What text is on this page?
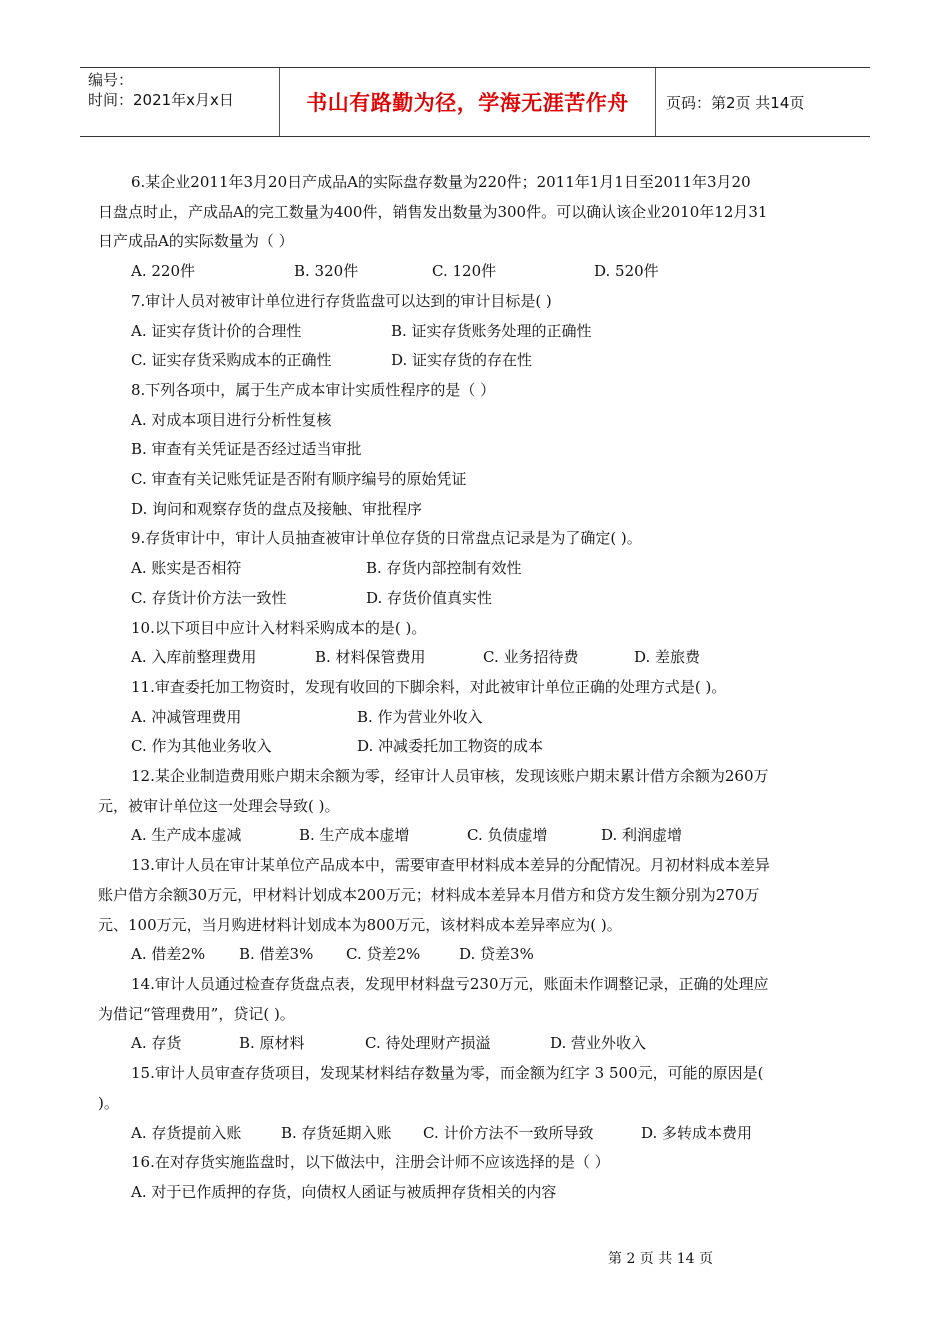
编号：
时间：2021年x月x日	书山有路勤为径，学海无涯苦作舟	页码：第2页 共14页

6.某企业2011年3月20日产成品A的实际盘存数量为220件；2011年1月1日至2011年3月20

日盘点时止，产成品A的完工数量为400件，销售发出数量为300件。可以确认该企业2010年12月31

日产成品A的实际数量为（ ）

A. 220件	B. 320件	C. 120件	D. 520件

7.审计人员对被审计单位进行存货监盘可以达到的审计目标是( )

A. 证实存货计价的合理性	B. 证实存货账务处理的正确性
C. 证实存货采购成本的正确性	D. 证实存货的存在性

8.下列各项中，属于生产成本审计实质性程序的是（ ）

A. 对成本项目进行分析性复核

B. 审查有关凭证是否经过适当审批

C. 审查有关记账凭证是否附有顺序编号的原始凭证

D. 询问和观察存货的盘点及接触、审批程序

9.存货审计中，审计人员抽查被审计单位存货的日常盘点记录是为了确定( )。

A. 账实是否相符	B. 存货内部控制有效性
C. 存货计价方法一致性	D. 存货价值真实性

10.以下项目中应计入材料采购成本的是( )。

A. 入库前整理费用	B. 材料保管费用	C. 业务招待费	D. 差旅费

11.审查委托加工物资时，发现有收回的下脚余料，对此被审计单位正确的处理方式是( )。

A. 冲减管理费用	B. 作为营业外收入
C. 作为其他业务收入	D. 冲减委托加工物资的成本

12.某企业制造费用账户期末余额为零，经审计人员审核，发现该账户期末累计借方余额为260万

元，被审计单位这一处理会导致( )。

A. 生产成本虚减	B. 生产成本虚增	C. 负债虚增	D. 利润虚增

13.审计人员在审计某单位产品成本中，需要审查甲材料成本差异的分配情况。月初材料成本差异

账户借方余额30万元，甲材料计划成本200万元；材料成本差异本月借方和贷方发生额分别为270万

元、100万元，当月购进材料计划成本为800万元，该材料成本差异率应为( )。

A. 借差2%	B. 借差3%	C. 贷差2%	D. 贷差3%

14.审计人员通过检查存货盘点表，发现甲材料盘亏230万元，账面未作调整记录，正确的处理应

为借记“管理费用”，贷记( )。

A. 存货	B. 原材料	C. 待处理财产损溢	D. 营业外收入

15.审计人员审查存货项目，发现某材料结存数量为零，而金额为红字 3 500元，可能的原因是(

)。

A. 存货提前入账	B. 存货延期入账	C. 计价方法不一致所导致	D. 多转成本费用

16.在对存货实施监盘时，以下做法中，注册会计师不应该选择的是（ ）

A. 对于已作质押的存货，向债权人函证与被质押存货相关的内容

第 2 页 共 14 页
